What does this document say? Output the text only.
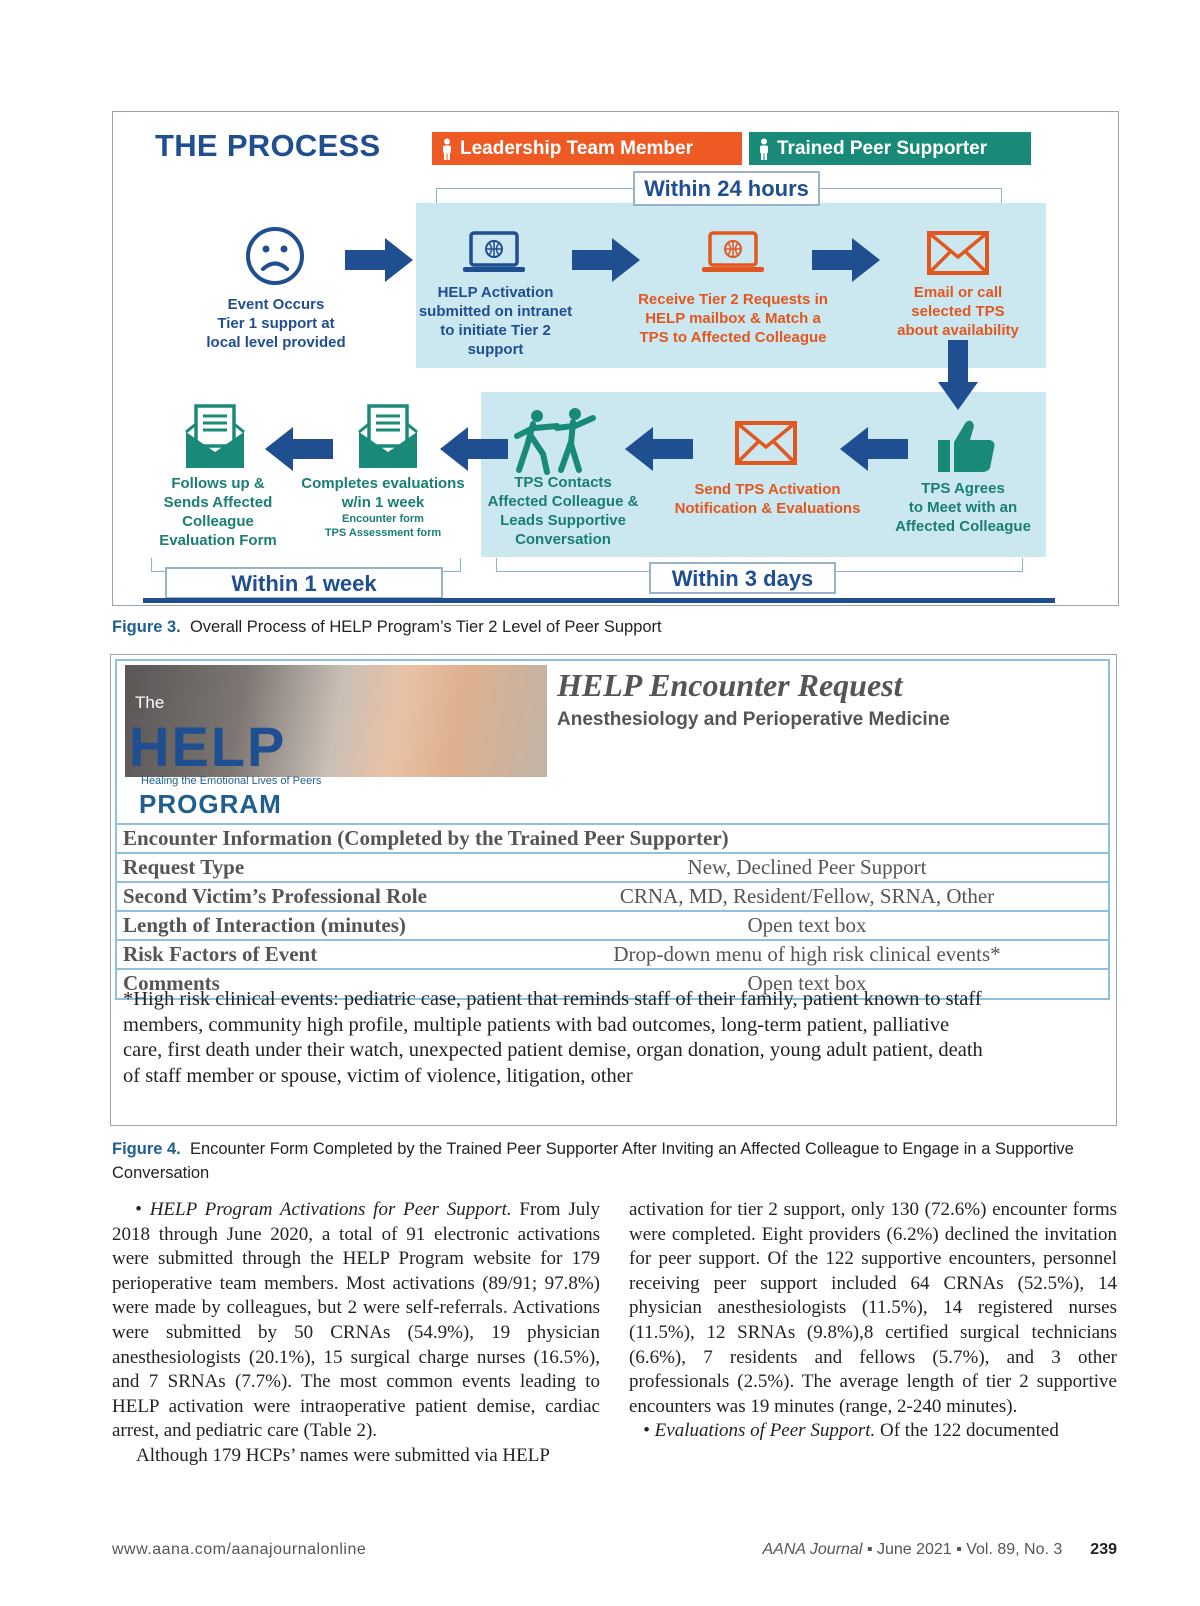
THE PROCESS	Leadership Team Member	Trained Peer Supporter
Within 24 hours
Within 1 week	Within 3 days
Event Occurs
Tier 1 support at
local level provided
HELP Activation
submitted on intranet
to initiate Tier 2
support
Receive Tier 2 Requests in
HELP mailbox & Match a
TPS to Affected Colleague
Email or call
selected TPS
about availability
TPS Agrees
to Meet with an
Affected Colleague
Send TPS Activation
Notification & Evaluations
TPS Contacts
Affected Colleague &
Leads Supportive
Conversation
Completes evaluations
w/in 1 week
Encounter form
TPS Assessment form
Follows up &
Sends Affected
Colleague
Evaluation Form
Figure 3. Overall Process of HELP Program’s Tier 2 Level of Peer Support
The
HELP
Healing the Emotional Lives of Peers
PROGRAM
HELP Encounter Request
Anesthesiology and Perioperative Medicine
Encounter Information (Completed by the Trained Peer Supporter)
Request Type	New, Declined Peer Support
Second Victim’s Professional Role	CRNA, MD, Resident/Fellow, SRNA, Other
Length of Interaction (minutes)	Open text box
Risk Factors of Event	Drop-down menu of high risk clinical events*
Comments	Open text box
*High risk clinical events: pediatric case, patient that reminds staff of their family, patient known to staff members, community high profile, multiple patients with bad outcomes, long-term patient, palliative care, first death under their watch, unexpected patient demise, organ donation, young adult patient, death of staff member or spouse, victim of violence, litigation, other
Figure 4. Encounter Form Completed by the Trained Peer Supporter After Inviting an Affected Colleague to Engage in a Supportive Conversation

• HELP Program Activations for Peer Support. From July 2018 through June 2020, a total of 91 electronic activations were submitted through the HELP Program website for 179 perioperative team members. Most activations (89/91; 97.8%) were made by colleagues, but 2 were self-referrals. Activations were submitted by 50 CRNAs (54.9%), 19 physician anesthesiologists (20.1%), 15 surgical charge nurses (16.5%), and 7 SRNAs (7.7%). The most common events leading to HELP activation were intraoperative patient demise, cardiac arrest, and pediatric care (Table 2).

Although 179 HCPs’ names were submitted via HELP

activation for tier 2 support, only 130 (72.6%) encounter forms were completed. Eight providers (6.2%) declined the invitation for peer support. Of the 122 supportive encounters, personnel receiving peer support included 64 CRNAs (52.5%), 14 physician anesthesiologists (11.5%), 14 registered nurses (11.5%), 12 SRNAs (9.8%),8 certified surgical technicians (6.6%), 7 residents and fellows (5.7%), and 3 other professionals (2.5%). The average length of tier 2 supportive encounters was 19 minutes (range, 2-240 minutes).

• Evaluations of Peer Support. Of the 122 documented

www.aana.com/aanajournalonline	AANA Journal ▪ June 2021 ▪ Vol. 89, No. 3 239
